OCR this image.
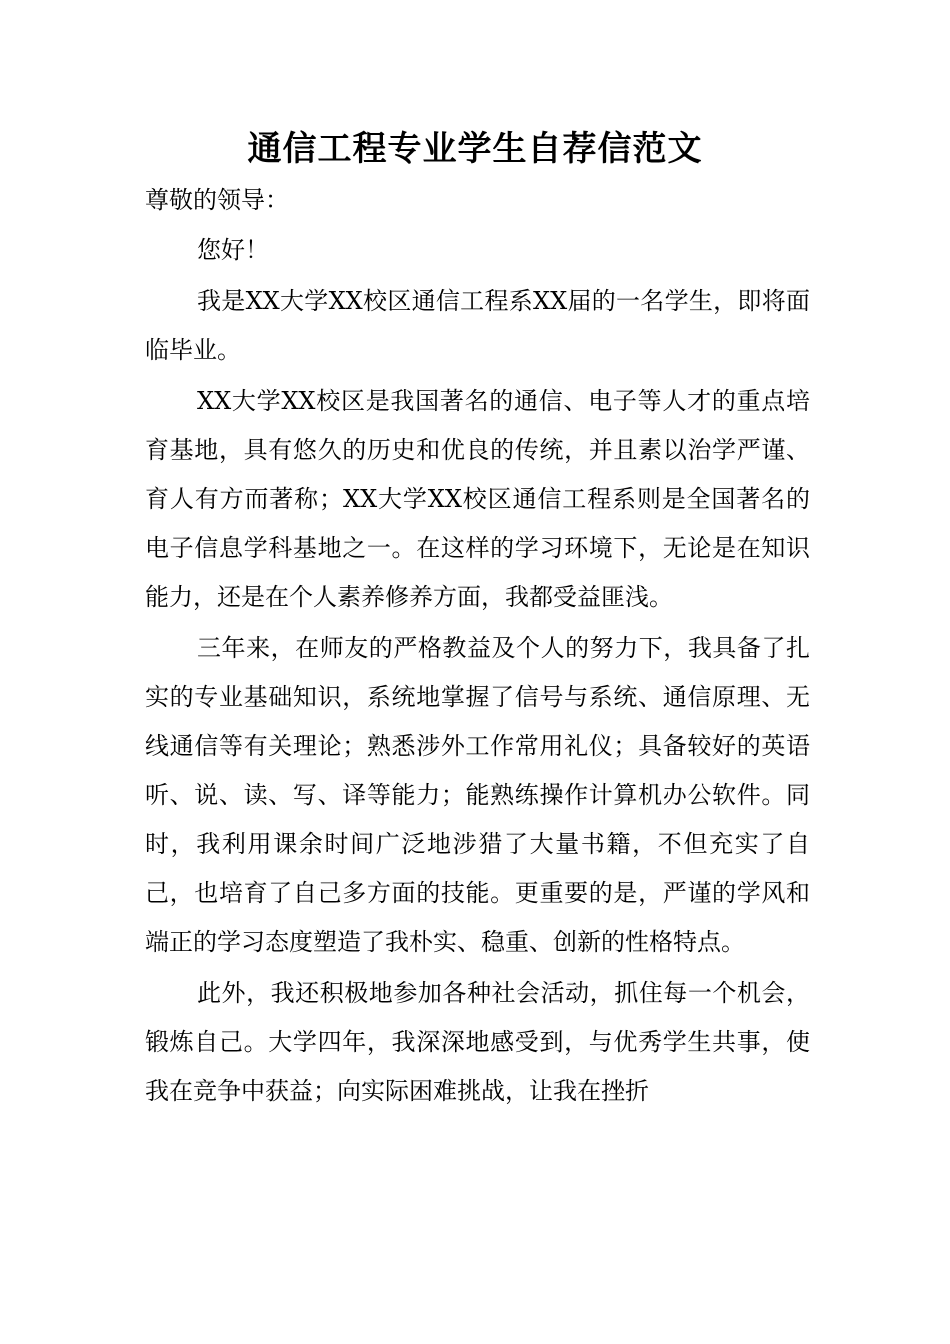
通信工程专业学生自荐信范文
尊敬的领导：
您好！

我是XX大学XX校区通信工程系XX届的一名学生，即将面临毕业。

XX大学XX校区是我国著名的通信、电子等人才的重点培育基地，具有悠久的历史和优良的传统，并且素以治学严谨、育人有方而著称；XX大学XX校区通信工程系则是全国著名的电子信息学科基地之一。在这样的学习环境下，无论是在知识能力，还是在个人素养修养方面，我都受益匪浅。

三年来，在师友的严格教益及个人的努力下，我具备了扎实的专业基础知识，系统地掌握了信号与系统、通信原理、无线通信等有关理论；熟悉涉外工作常用礼仪；具备较好的英语听、说、读、写、译等能力；能熟练操作计算机办公软件。同时，我利用课余时间广泛地涉猎了大量书籍，不但充实了自己，也培育了自己多方面的技能。更重要的是，严谨的学风和端正的学习态度塑造了我朴实、稳重、创新的性格特点。

此外，我还积极地参加各种社会活动，抓住每一个机会，锻炼自己。大学四年，我深深地感受到，与优秀学生共事，使我在竞争中获益；向实际困难挑战，让我在挫折
